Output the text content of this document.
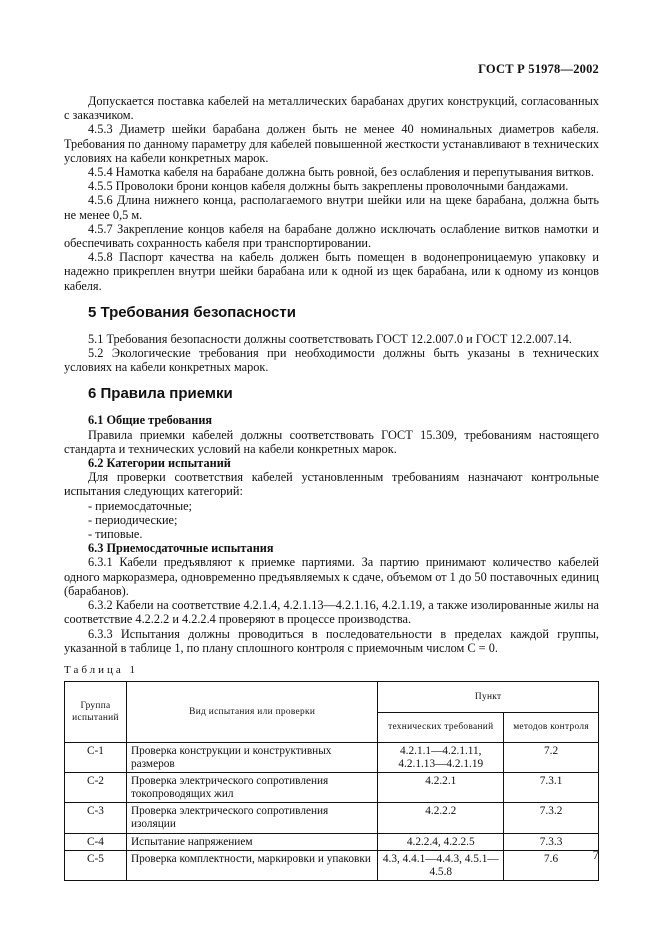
ГОСТ Р 51978—2002

Допускается поставка кабелей на металлических барабанах других конструкций, согласованных с заказчиком.

4.5.3 Диаметр шейки барабана должен быть не менее 40 номинальных диаметров кабеля. Требования по данному параметру для кабелей повышенной жесткости устанавливают в технических условиях на кабели конкретных марок.

4.5.4 Намотка кабеля на барабане должна быть ровной, без ослабления и перепутывания витков.

4.5.5 Проволоки брони концов кабеля должны быть закреплены проволочными бандажами.

4.5.6 Длина нижнего конца, располагаемого внутри шейки или на щеке барабана, должна быть не менее 0,5 м.

4.5.7 Закрепление концов кабеля на барабане должно исключать ослабление витков намотки и обеспечивать сохранность кабеля при транспортировании.

4.5.8 Паспорт качества на кабель должен быть помещен в водонепроницаемую упаковку и надежно прикреплен внутри шейки барабана или к одной из щек барабана, или к одному из концов кабеля.

5 Требования безопасности

5.1 Требования безопасности должны соответствовать ГОСТ 12.2.007.0 и ГОСТ 12.2.007.14.

5.2 Экологические требования при необходимости должны быть указаны в технических условиях на кабели конкретных марок.

6 Правила приемки
6.1 Общие требования

Правила приемки кабелей должны соответствовать ГОСТ 15.309, требованиям настоящего стандарта и технических условий на кабели конкретных марок.

6.2 Категории испытаний

Для проверки соответствия кабелей установленным требованиям назначают контрольные испытания следующих категорий:

- приемосдаточные;
- периодические;
- типовые.
6.3 Приемосдаточные испытания

6.3.1 Кабели предъявляют к приемке партиями. За партию принимают количество кабелей одного маркоразмера, одновременно предъявляемых к сдаче, объемом от 1 до 50 поставочных единиц (барабанов).

6.3.2 Кабели на соответствие 4.2.1.4, 4.2.1.13—4.2.1.16, 4.2.1.19, а также изолированные жилы на соответствие 4.2.2.2 и 4.2.2.4 проверяют в процессе производства.

6.3.3 Испытания должны проводиться в последовательности в пределах каждой группы, указанной в таблице 1, по плану сплошного контроля с приемочным числом C = 0.

Таблица 1
Группа испытаний	Вид испытания или проверки	Пункт	
		технических требований	методов контроля
С-1	Проверка конструкции и конструктивных размеров	4.2.1.1—4.2.1.11, 4.2.1.13—4.2.1.19	7.2
С-2	Проверка электрического сопротивления токопроводящих жил	4.2.2.1	7.3.1
С-3	Проверка электрического сопротивления изоляции	4.2.2.2	7.3.2
С-4	Испытание напряжением	4.2.2.4, 4.2.2.5	7.3.3
С-5	Проверка комплектности, маркировки и упаковки	4.3, 4.4.1—4.4.3, 4.5.1—4.5.8	7.6	7
